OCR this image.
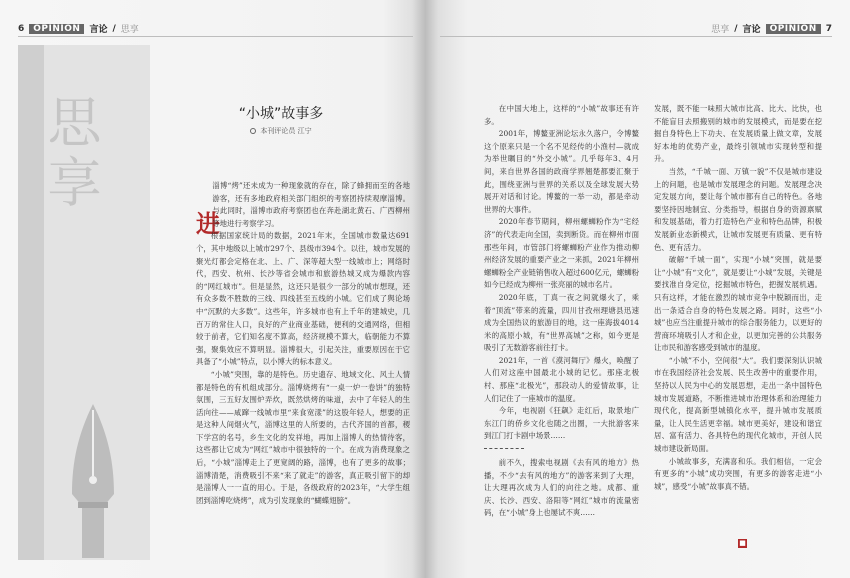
6	OPINION	言论 / 思享
思享	“小城”故事多
本刊评论员 江宁
进

淄博“烤”还未成为一种现象就的存在，除了蜂拥而至的各地游客，还有多地政府相关部门组织的考察团持续观摩淄博。与此同时，淄博市政府考察团也在奔赴湖北黄石、广西柳州等地进行考察学习。

根据国家统计局的数据，2021年末，全国城市数量达691个，其中地级以上城市297个、县级市394个。以往，城市发展的聚光灯都会定格在北、上、广、深等超大型一线城市上；网络时代，西安、杭州、长沙等省会城市和旅游热城又成为爆款内容的“网红城市”。但是显然，这还只是很少一部分的城市想现，还有众多数不胜数的三线、四线甚至五线的小城。它们成了舆论场中“沉默的大多数”。这些年，许多城市也有上千年的建城史，几百万的常住人口，良好的产业商业基础，便利的交通网络，但相较于前者，它们知名度不算高，经济规模不算大，临朝能力不算强，聚集效应不算明显。淄博很大，引起关注，重要原因在于它具备了“小城”特点，以小博大的标本意义。

“小城”突围，靠的是特色。历史遗存、地域文化、风土人情都是特色的有机组成部分。淄博烧烤有“一桌一炉一卷饼”的独特氛围，三五好友围炉弄炊，既然烘烤的味道，去中了年轻人的生活向往——咸蹿一线城市里“来食宽漾”的这股年轻人，想要的正是这种人间烟火气，淄博这里的人所要的，古代齐国的首都，稷下学宫的名号，乡生文化的发祥地，再加上淄博人的热情待客，这些都让它成为“网红”城市中很独特的一个。在成为消费现象之后，“小城”淄博走上了更宽阔的路，淄博，也有了更多的故事；淄博清楚，消费吸引不来“来了就走”的游客，真正吸引留下的却是淄博人一一直的用心。于是，各级政府的2023年，“大学生组团到淄博吃烧烤”，成为引发现象的“蝴蝶翅膀”。

思享 / 言论	OPINION	7

在中国大地上，这样的“小城”故事还有许多。

2001年，博鳌亚洲论坛永久落户，令博鳌这个原来只是一个名不见经传的小渔村—就成为举世瞩目的“外交小城”。几乎每年3、4月间，来自世界各国的政商学界翘楚都要汇聚于此，围绕亚洲与世界的关系以及全球发展大势展开对话和讨论。博鳌的一举一动，都是牵动世界的大事件。

2020年春节期间，柳州螺蛳粉作为“宅经济”的代表走向全国，卖到断货。而在柳州市面那些年间，市管部门将螺蛳粉产业作为推动柳州经济发展的重要产业之一来抓，2021年柳州螺蛳粉全产业链销售收入超过600亿元，螺蛳粉如今已经成为柳州一张亮丽的城市名片。

2020年底，丁真一夜之间就爆火了，乘着“顶流”带来的流量，四川甘孜州理塘县迅速成为全国热议的旅游目的地，这一座海拔4014米的高原小城，有“世界高城”之称，如今更是吸引了无数游客前往打卡。

2021年，一首《漠河舞厅》爆火，唤醒了人们对这座中国最北小城的记忆。那座北极村、那座“北极光”，那段动人的爱情故事，让人们记住了一座城市的温度。

今年，电视剧《狂飙》走红后，取景地广东江门的侨乡文化也随之出圈，一大批游客来到江门打卡剧中场景……

前不久，搜索电视剧《去有风的地方》热播，不少“去有风的地方”的游客来到了大理，让大理再次成为人们的向往之地。成都、重庆、长沙、西安、洛阳等“网红”城市的流量密码，在“小城”身上也屡试不爽……

发展，既不能一味照大城市比高、比大、比快，也不能盲目去照搬别的城市的发展模式，而是要在挖掘自身特色上下功夫、在发展质量上做文章，发展好本地的优势产业，最终引领城市实现转型和提升。

当然，“千城一面、万镇一貌”不仅是城市建设上的问题，也是城市发展理念的问题。发展理念决定发展方向，要让每个城市都有自己的特色。各地要坚持因地制宜、分类指导，根据自身的资源禀赋和发展基础，着力打造特色产业和特色品牌，积极发展新业态新模式，让城市发展更有质量、更有特色、更有活力。

破解“千城一面”，实现“小城”突围，就是要让“小城”有“文化”，就是要让“小城”发展，关键是要找准自身定位，挖掘城市特色，把握发展机遇。只有这样，才能在激烈的城市竞争中脱颖而出，走出一条适合自身的特色发展之路。同时，这些“小城”也应当注重提升城市的综合服务能力，以更好的营商环境吸引人才和企业，以更加完善的公共服务让市民和游客感受到城市的温度。

“小城”不小，空间很“大”。我们要深刻认识城市在我国经济社会发展、民生改善中的重要作用，坚持以人民为中心的发展思想，走出一条中国特色城市发展道路，不断推进城市治理体系和治理能力现代化，提高新型城镇化水平，提升城市发展质量，让人民生活更幸福。城市更美好，建设和谐宜居、富有活力、各具特色的现代化城市，开创人民城市建设新局面。

小城故事多，充满喜和乐。我们相信，一定会有更多的“小城”成功突围，有更多的游客走进“小城”，感受“小城”故事真不错。

■
